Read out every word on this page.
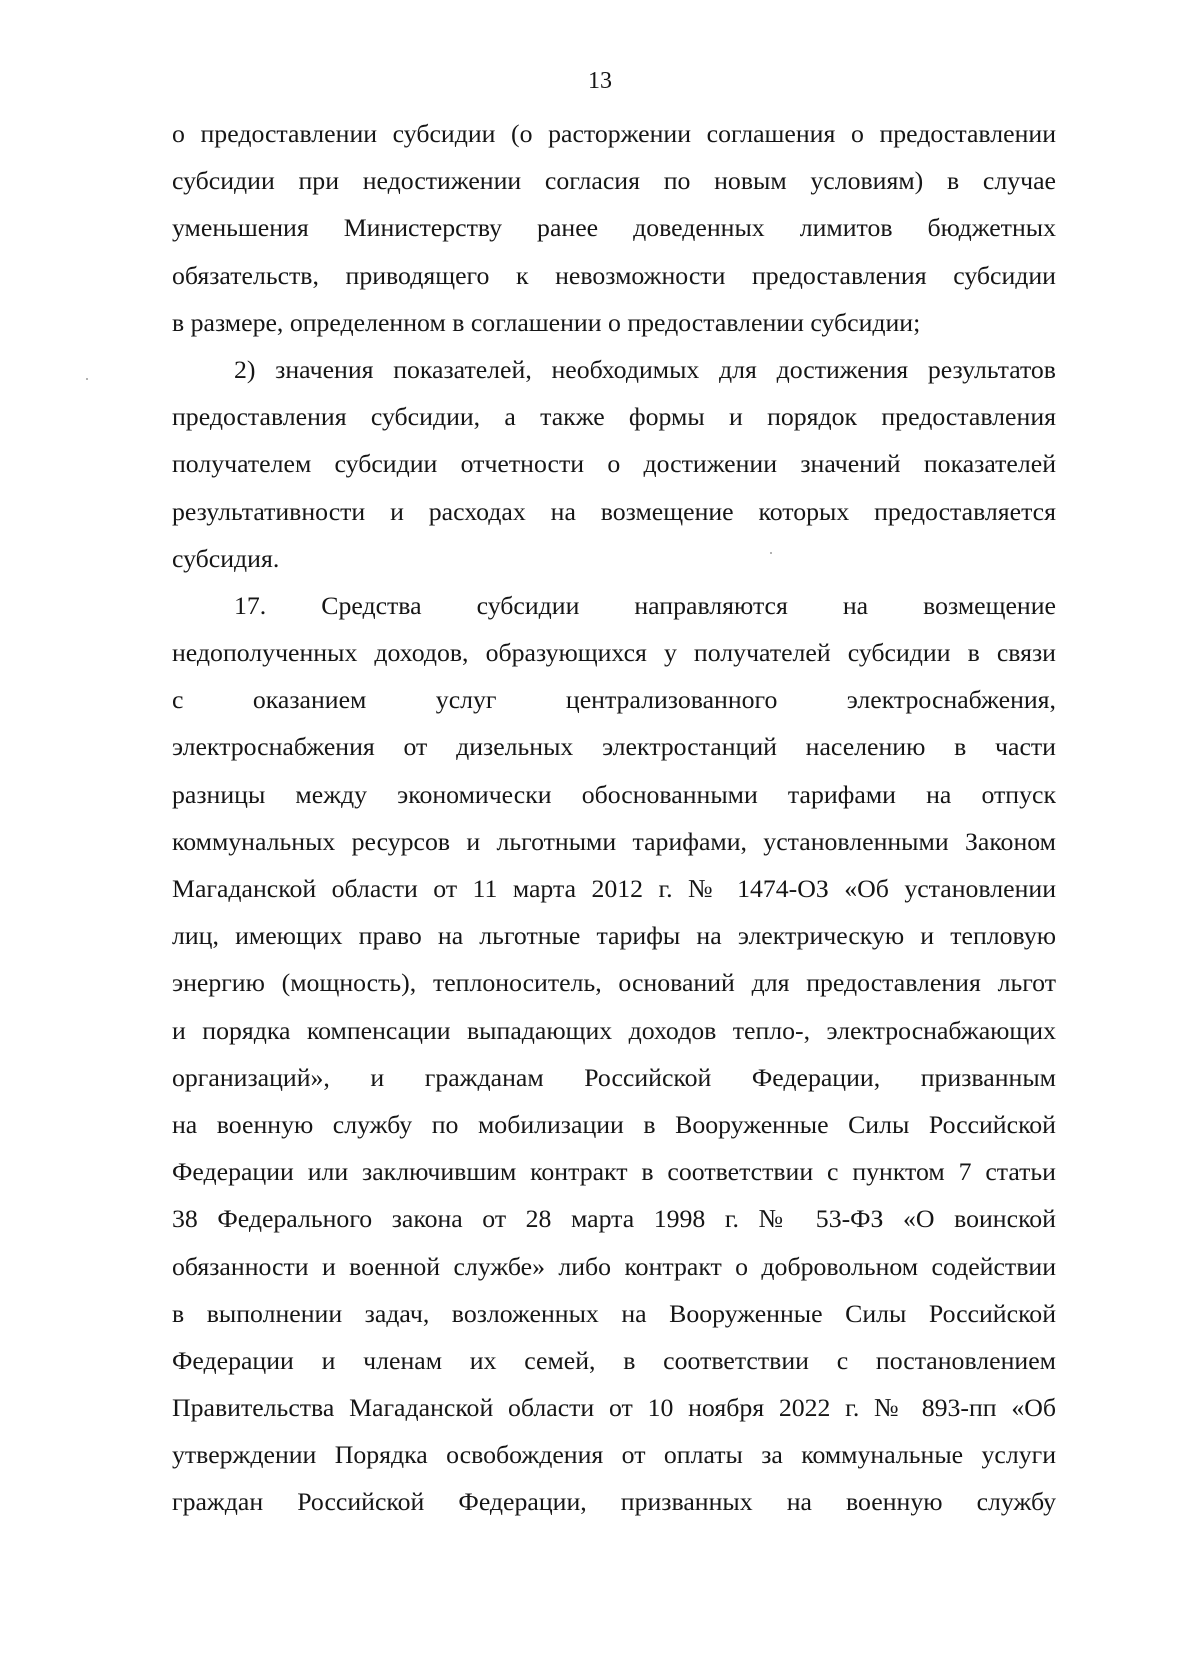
13
о предоставлении субсидии (о расторжении соглашения о предоставлении
субсидии при недостижении согласия по новым условиям) в случае
уменьшения Министерству ранее доведенных лимитов бюджетных
обязательств, приводящего к невозможности предоставления субсидии
в размере, определенном в соглашении о предоставлении субсидии;
2) значения показателей, необходимых для достижения результатов
предоставления субсидии, а также формы и порядок предоставления
получателем субсидии отчетности о достижении значений показателей
результативности и расходах на возмещение которых предоставляется
субсидия.
17. Средства субсидии направляются на возмещение
недополученных доходов, образующихся у получателей субсидии в связи
с оказанием услуг централизованного электроснабжения,
электроснабжения от дизельных электростанций населению в части
разницы между экономически обоснованными тарифами на отпуск
коммунальных ресурсов и льготными тарифами, установленными Законом
Магаданской области от 11 марта 2012 г. № 1474-ОЗ «Об установлении
лиц, имеющих право на льготные тарифы на электрическую и тепловую
энергию (мощность), теплоноситель, оснований для предоставления льгот
и порядка компенсации выпадающих доходов тепло-, электроснабжающих
организаций», и гражданам Российской Федерации, призванным
на военную службу по мобилизации в Вооруженные Силы Российской
Федерации или заключившим контракт в соответствии с пунктом 7 статьи
38 Федерального закона от 28 марта 1998 г. № 53-ФЗ «О воинской
обязанности и военной службе» либо контракт о добровольном содействии
в выполнении задач, возложенных на Вооруженные Силы Российской
Федерации и членам их семей, в соответствии с постановлением
Правительства Магаданской области от 10 ноября 2022 г. № 893-пп «Об
утверждении Порядка освобождения от оплаты за коммунальные услуги
граждан Российской Федерации, призванных на военную службу
